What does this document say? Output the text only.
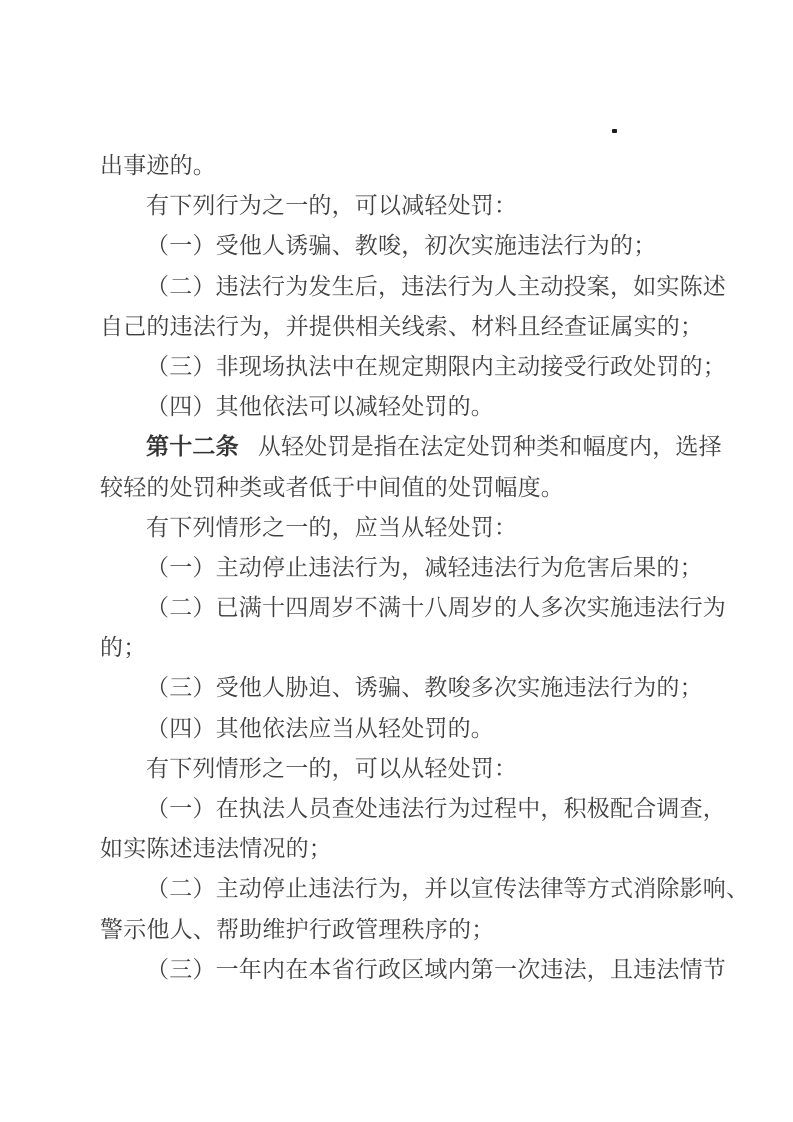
出事迹的。
有下列行为之一的，可以减轻处罚：
（一）受他人诱骗、教唆，初次实施违法行为的；
（二）违法行为发生后，违法行为人主动投案，如实陈述
自己的违法行为，并提供相关线索、材料且经查证属实的；
（三）非现场执法中在规定期限内主动接受行政处罚的；
（四）其他依法可以减轻处罚的。
第十二条 从轻处罚是指在法定处罚种类和幅度内，选择
较轻的处罚种类或者低于中间值的处罚幅度。
有下列情形之一的，应当从轻处罚：
（一）主动停止违法行为，减轻违法行为危害后果的；
（二）已满十四周岁不满十八周岁的人多次实施违法行为
的；
（三）受他人胁迫、诱骗、教唆多次实施违法行为的；
（四）其他依法应当从轻处罚的。
有下列情形之一的，可以从轻处罚：
（一）在执法人员查处违法行为过程中，积极配合调查，
如实陈述违法情况的；
（二）主动停止违法行为，并以宣传法律等方式消除影响、
警示他人、帮助维护行政管理秩序的；
（三）一年内在本省行政区域内第一次违法，且违法情节
